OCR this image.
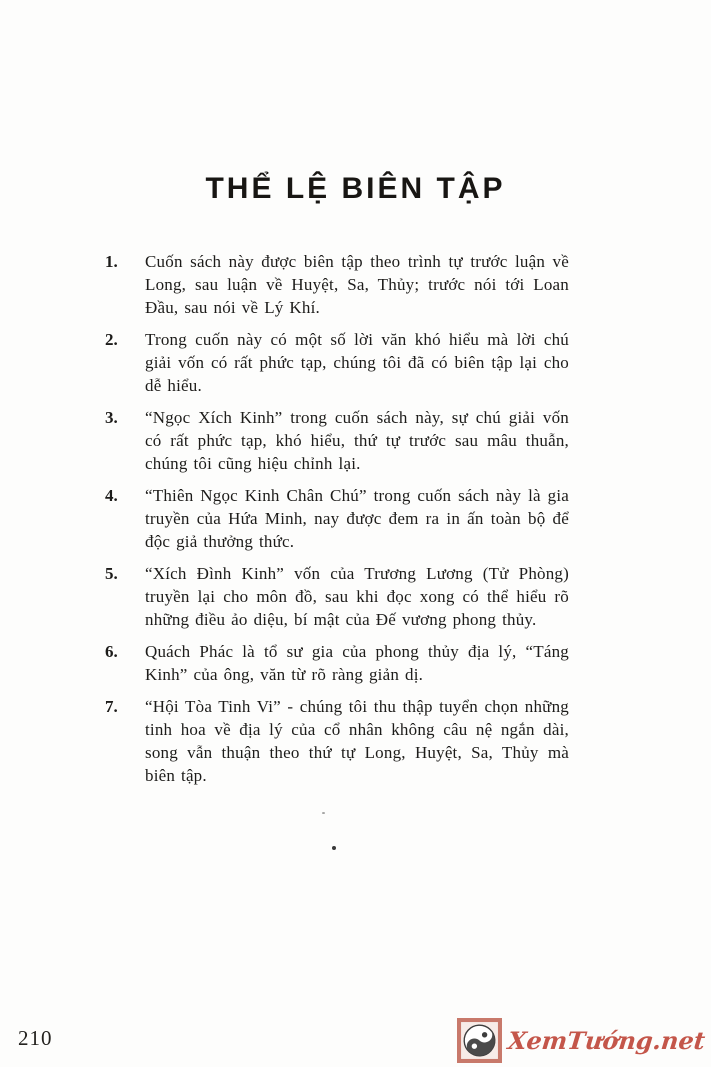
THỂ LỆ BIÊN TẬP
1.	Cuốn sách này được biên tập theo trình tự trước luận về Long, sau luận về Huyệt, Sa, Thủy; trước nói tới Loan Đầu, sau nói về Lý Khí.
2.	Trong cuốn này có một số lời văn khó hiểu mà lời chú giải vốn có rất phức tạp, chúng tôi đã có biên tập lại cho dễ hiểu.
3.	“Ngọc Xích Kinh” trong cuốn sách này, sự chú giải vốn có rất phức tạp, khó hiểu, thứ tự trước sau mâu thuẫn, chúng tôi cũng hiệu chỉnh lại.
4.	“Thiên Ngọc Kinh Chân Chú” trong cuốn sách này là gia truyền của Hứa Minh, nay được đem ra in ấn toàn bộ để độc giả thưởng thức.
5.	“Xích Đình Kinh” vốn của Trương Lương (Tử Phòng) truyền lại cho môn đồ, sau khi đọc xong có thể hiểu rõ những điều ảo diệu, bí mật của Đế vương phong thủy.
6.	Quách Phác là tổ sư gia của phong thủy địa lý, “Táng Kinh” của ông, văn từ rõ ràng giản dị.
7.	“Hội Tòa Tinh Vi” - chúng tôi thu thập tuyển chọn những tinh hoa về địa lý của cổ nhân không câu nệ ngắn dài, song vẫn thuận theo thứ tự Long, Huyệt, Sa, Thủy mà biên tập.
210	XemTướng.net
